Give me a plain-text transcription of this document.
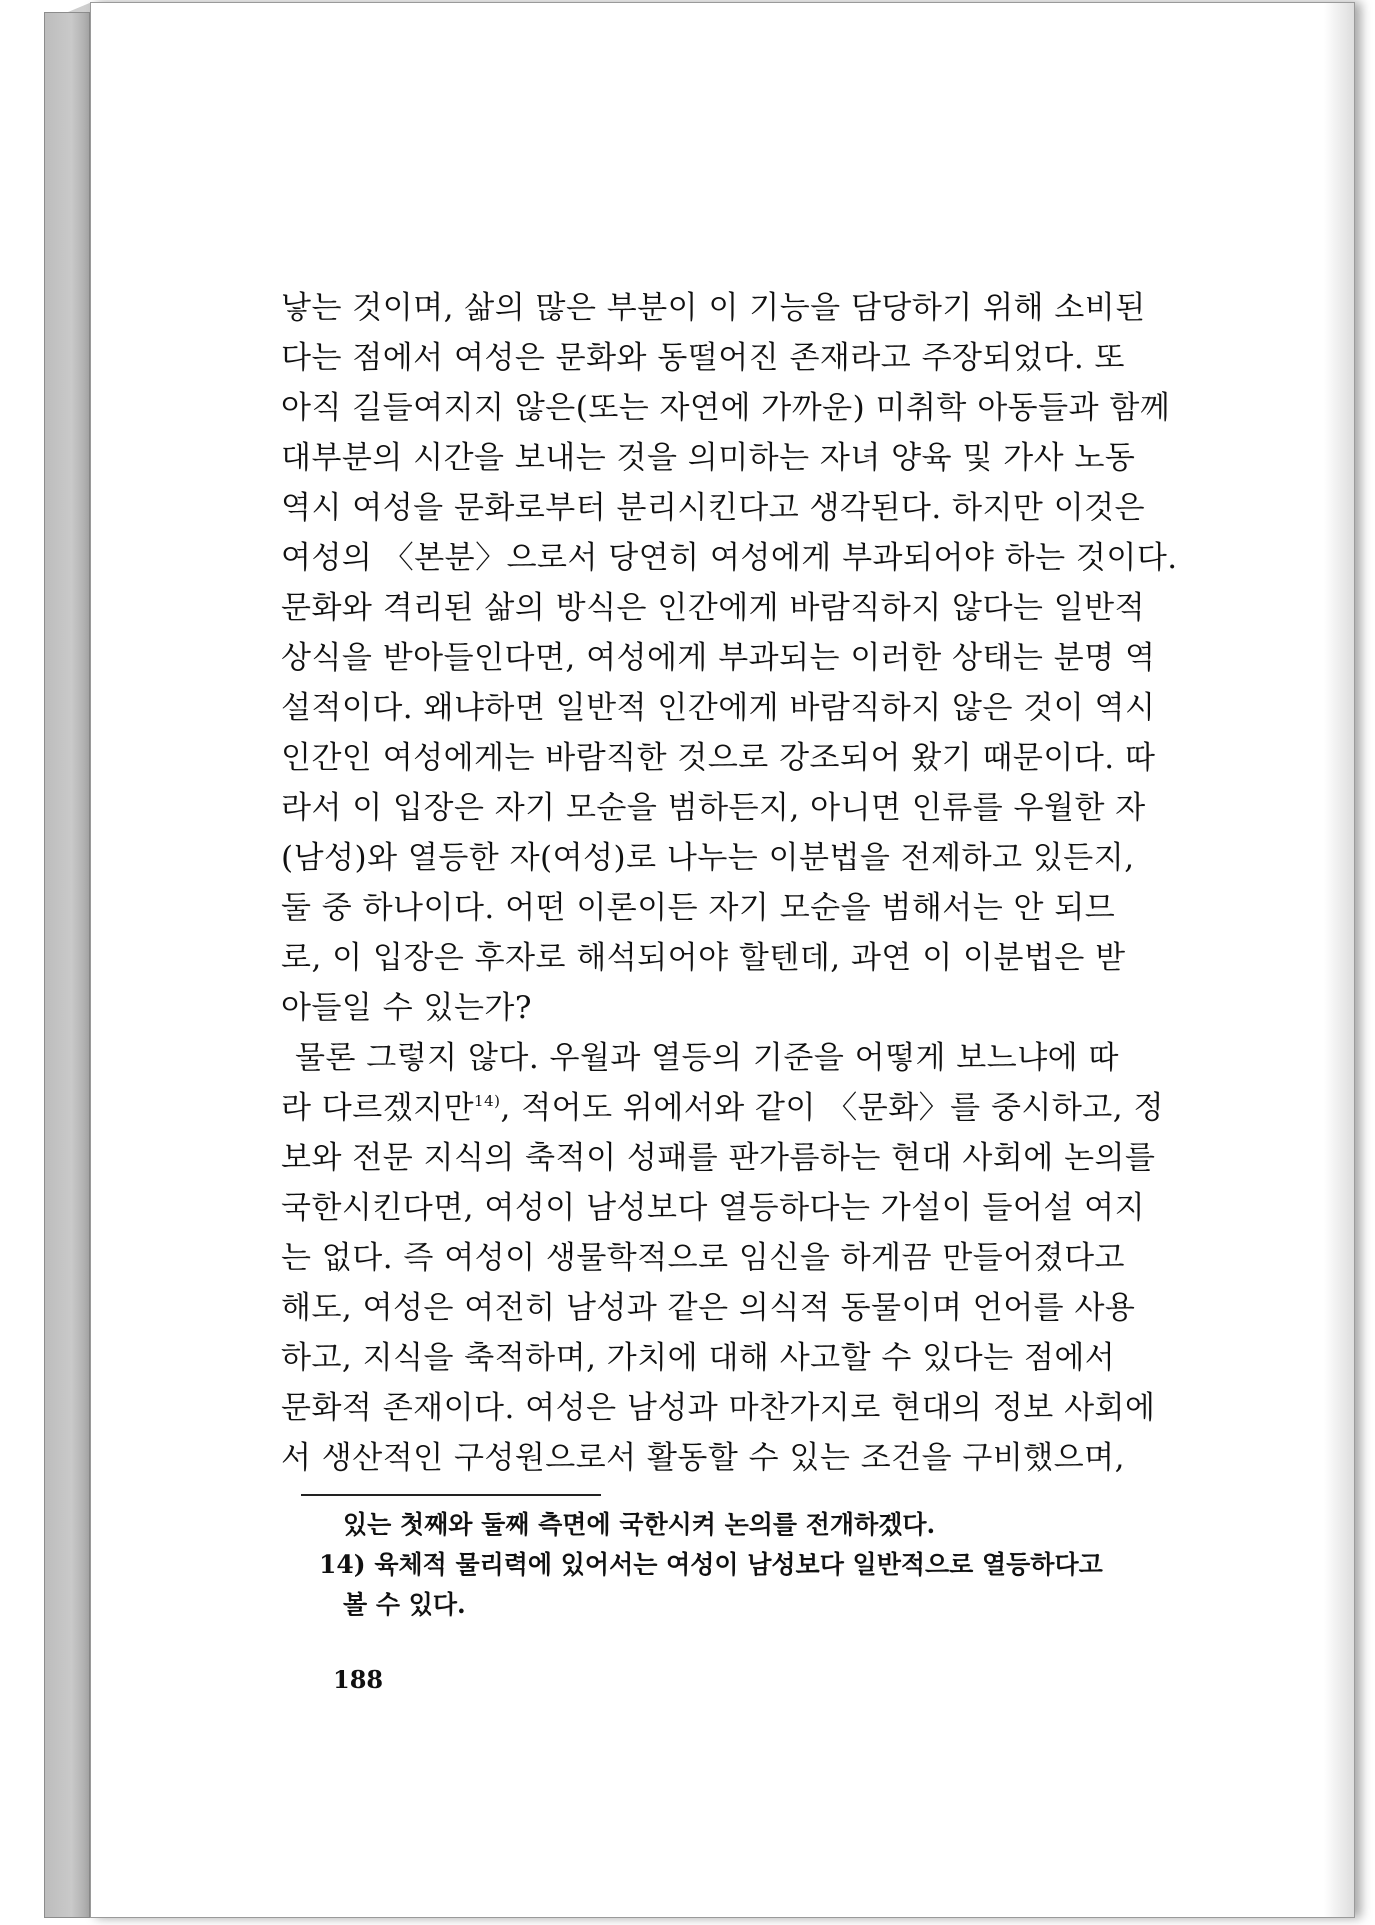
낳는 것이며, 삶의 많은 부분이 이 기능을 담당하기 위해 소비된
다는 점에서 여성은 문화와 동떨어진 존재라고 주장되었다. 또
아직 길들여지지 않은(또는 자연에 가까운) 미취학 아동들과 함께
대부분의 시간을 보내는 것을 의미하는 자녀 양육 및 가사 노동
역시 여성을 문화로부터 분리시킨다고 생각된다. 하지만 이것은
여성의 〈본분〉으로서 당연히 여성에게 부과되어야 하는 것이다.
문화와 격리된 삶의 방식은 인간에게 바람직하지 않다는 일반적
상식을 받아들인다면, 여성에게 부과되는 이러한 상태는 분명 역
설적이다. 왜냐하면 일반적 인간에게 바람직하지 않은 것이 역시
인간인 여성에게는 바람직한 것으로 강조되어 왔기 때문이다. 따
라서 이 입장은 자기 모순을 범하든지, 아니면 인류를 우월한 자
(남성)와 열등한 자(여성)로 나누는 이분법을 전제하고 있든지,
둘 중 하나이다. 어떤 이론이든 자기 모순을 범해서는 안 되므
로, 이 입장은 후자로 해석되어야 할텐데, 과연 이 이분법은 받
아들일 수 있는가?
물론 그렇지 않다. 우월과 열등의 기준을 어떻게 보느냐에 따
라 다르겠지만$^{14)}$, 적어도 위에서와 같이 〈문화〉를 중시하고, 정
보와 전문 지식의 축적이 성패를 판가름하는 현대 사회에 논의를
국한시킨다면, 여성이 남성보다 열등하다는 가설이 들어설 여지
는 없다. 즉 여성이 생물학적으로 임신을 하게끔 만들어졌다고
해도, 여성은 여전히 남성과 같은 의식적 동물이며 언어를 사용
하고, 지식을 축적하며, 가치에 대해 사고할 수 있다는 점에서
문화적 존재이다. 여성은 남성과 마찬가지로 현대의 정보 사회에
서 생산적인 구성원으로서 활동할 수 있는 조건을 구비했으며,
있는 첫째와 둘째 측면에 국한시켜 논의를 전개하겠다.
14) 육체적 물리력에 있어서는 여성이 남성보다 일반적으로 열등하다고
볼 수 있다.
188
